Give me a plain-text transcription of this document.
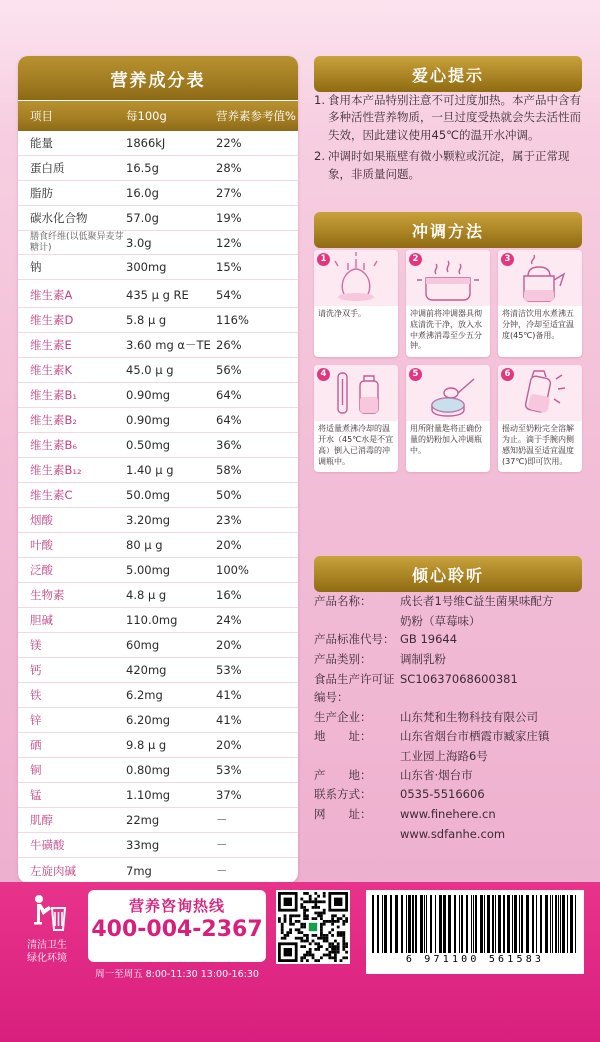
营养成分表
项目	每100g	营养素参考值%
能量	1866kJ	22%
蛋白质	16.5g	28%
脂肪	16.0g	27%
碳水化合物	57.0g	19%
膳食纤维(以低聚异麦芽糖计)	3.0g	12%
钠	300mg	15%
维生素A	435 μ g RE	54%
维生素D	5.8 μ g	116%
维生素E	3.60 mg α－TE 26%
维生素K	45.0 μ g	56%
维生素B₁	0.90mg	64%
维生素B₂	0.90mg	64%
维生素B₆	0.50mg	36%
维生素B₁₂	1.40 μ g	58%
维生素C	50.0mg	50%
烟酸	3.20mg	23%
叶酸	80 μ g	20%
泛酸	5.00mg	100%
生物素	4.8 μ g	16%
胆碱	110.0mg	24%
镁	60mg	20%
钙	420mg	53%
铁	6.2mg	41%
锌	6.20mg	41%
硒	9.8 μ g	20%
铜	0.80mg	53%
锰	1.10mg	37%
肌醇	22mg	－
牛磺酸	33mg	－
左旋肉碱	7mg	－
爱心提示
1. 食用本产品特别注意不可过度加热。本产品中含有多种活性营养物质，一旦过度受热就会失去活性而失效，因此建议使用45℃的温开水冲调。
2. 冲调时如果瓶壁有微小颗粒或沉淀，属于正常现象，非质量问题。
冲调方法
1
请洗净双手。
2
冲调前将冲调器具彻底清洗干净，放入水中煮沸消毒至少五分钟。
3
将清洁饮用水煮沸五分钟，冷却至适宜温度(45℃)备用。
4
将适量煮沸冷却的温开水（45℃水是不宜高）倒入已消毒的冲调瓶中。
5
用所附量匙将正确份量的奶粉加入冲调瓶中。
6
摇动至奶粉完全溶解为止。滴于手腕内侧感知奶温至适宜温度(37℃)即可饮用。
倾心聆听
产品名称：	成长者1号维C益生菌果味配方
奶粉（草莓味）
产品标准代号： GB 19644
产品类别：	调制乳粉
食品生产许可证编号：
SC10637068600381
生产企业：	山东梵和生物科技有限公司
地　　址：	山东省烟台市栖霞市臧家庄镇
工业园上海路6号
产　　地：	山东省·烟台市
联系方式：	0535-5516606
网　　址：	www.finehere.cn
www.sdfanhe.com
清洁卫生
绿化环境
营养咨询热线
400-004-2367
周一至周五 8:00-11:30 13:00-16:30
6 971100 561583
